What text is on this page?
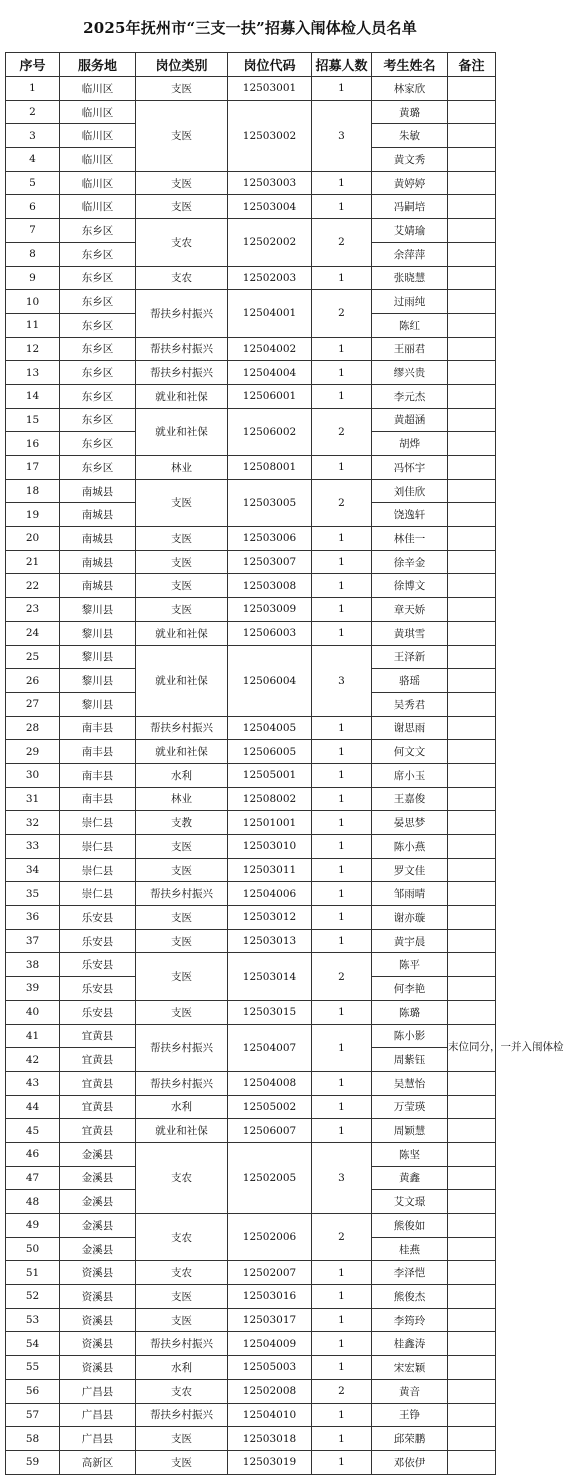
2025年抚州市“三支一扶”招募入闱体检人员名单
序号	服务地	岗位类别	岗位代码	招募人数	考生姓名	备注
1	临川区	支医	12503001	1	林家欣	
2	临川区	支医	12503002	3	黄璐	
3	临川区				朱敏	
4	临川区				黄文秀	
5	临川区	支医	12503003	1	黄婷婷	
6	临川区	支医	12503004	1	冯嗣培	
7	东乡区	支农	12502002	2	艾婧瑜	
8	东乡区				余萍萍	
9	东乡区	支农	12502003	1	张晓慧	
10	东乡区	帮扶乡村振兴	12504001	2	过雨纯	
11	东乡区				陈红	
12	东乡区	帮扶乡村振兴	12504002	1	王丽君	
13	东乡区	帮扶乡村振兴	12504004	1	缪兴贵	
14	东乡区	就业和社保	12506001	1	李元杰	
15	东乡区	就业和社保	12506002	2	黄超涵	
16	东乡区				胡烨	
17	东乡区	林业	12508001	1	冯怀宇	
18	南城县	支医	12503005	2	刘佳欣	
19	南城县				饶逸轩	
20	南城县	支医	12503006	1	林佳一	
21	南城县	支医	12503007	1	徐辛金	
22	南城县	支医	12503008	1	徐博文	
23	黎川县	支医	12503009	1	章天娇	
24	黎川县	就业和社保	12506003	1	黄琪雪	
25	黎川县	就业和社保	12506004	3	王泽新	
26	黎川县				骆瑶	
27	黎川县				吴秀君	
28	南丰县	帮扶乡村振兴	12504005	1	谢思雨	
29	南丰县	就业和社保	12506005	1	何文文	
30	南丰县	水利	12505001	1	席小玉	
31	南丰县	林业	12508002	1	王嘉俊	
32	崇仁县	支教	12501001	1	晏思梦	
33	崇仁县	支医	12503010	1	陈小燕	
34	崇仁县	支医	12503011	1	罗文佳	
35	崇仁县	帮扶乡村振兴	12504006	1	邹雨晴	
36	乐安县	支医	12503012	1	谢亦璇	
37	乐安县	支医	12503013	1	黄宇晨	
38	乐安县	支医	12503014	2	陈平	
39	乐安县				何李艳	
40	乐安县	支医	12503015	1	陈璐	
41	宜黄县	帮扶乡村振兴	12504007	1	陈小影	末位同分，一并入闱体检
42	宜黄县				周紫钰	
43	宜黄县	帮扶乡村振兴	12504008	1	吴慧怡	
44	宜黄县	水利	12505002	1	万莹瑛	
45	宜黄县	就业和社保	12506007	1	周颖慧	
46	金溪县	支农	12502005	3	陈坚	
47	金溪县				黄鑫	
48	金溪县				艾文璟	
49	金溪县	支农	12502006	2	熊俊如	
50	金溪县				桂燕	
51	资溪县	支农	12502007	1	李泽恺	
52	资溪县	支医	12503016	1	熊俊杰	
53	资溪县	支医	12503017	1	李筠玲	
54	资溪县	帮扶乡村振兴	12504009	1	桂鑫涛	
55	资溪县	水利	12505003	1	宋宏颖	
56	广昌县	支农	12502008	2	黄音	
57	广昌县	帮扶乡村振兴	12504010	1	王铮	
58	广昌县	支医	12503018	1	邱荣鹏	
59	高新区	支医	12503019	1	邓依伊	
